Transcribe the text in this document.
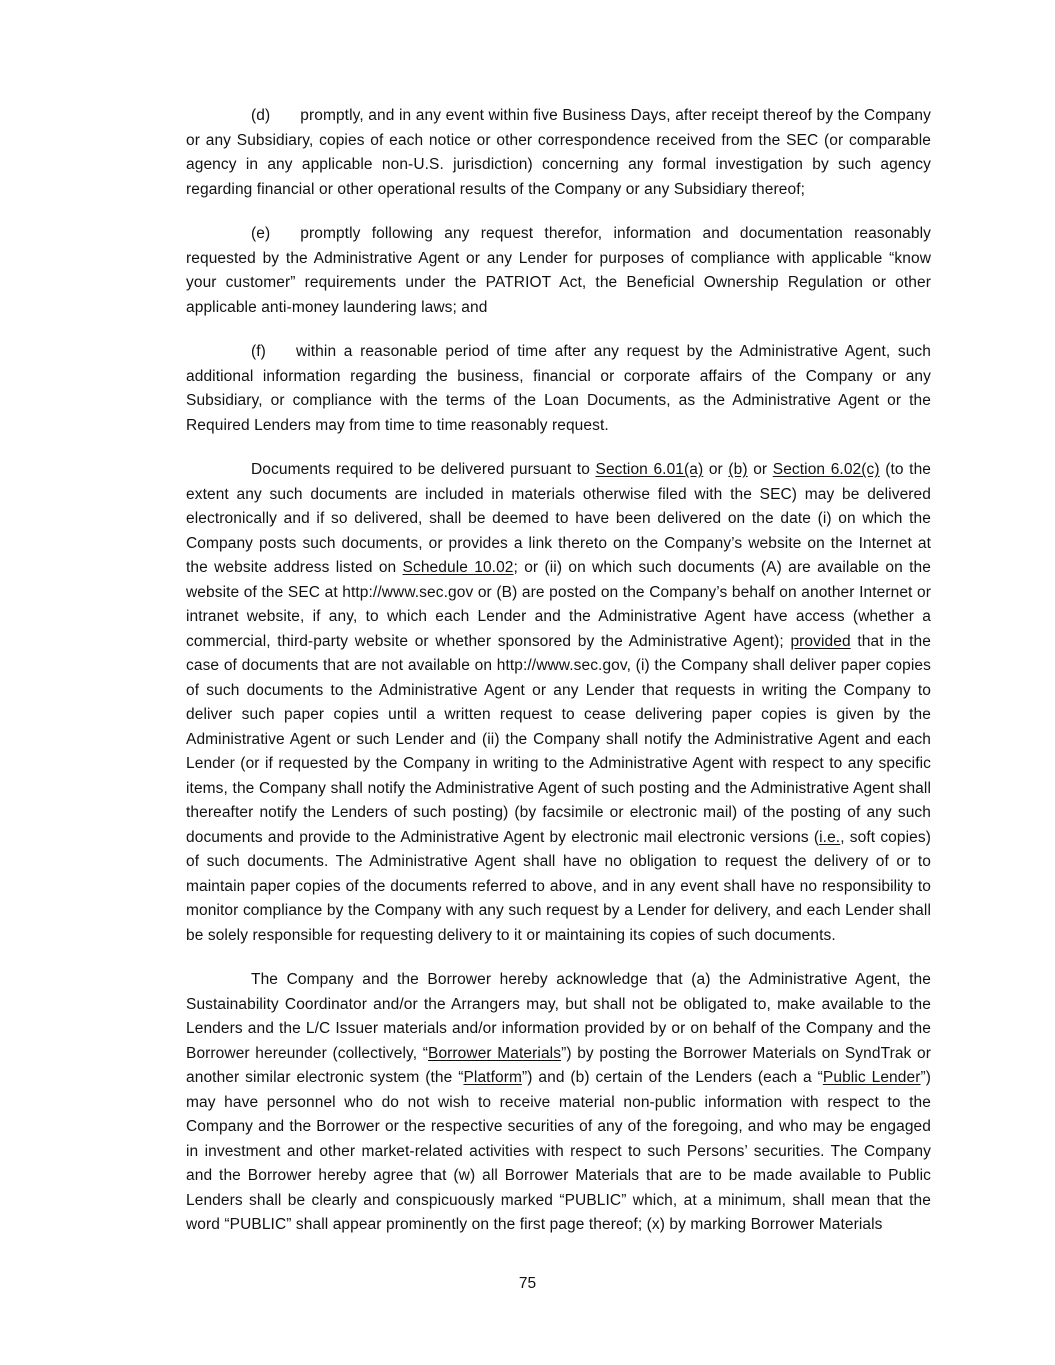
(d) promptly, and in any event within five Business Days, after receipt thereof by the Company or any Subsidiary, copies of each notice or other correspondence received from the SEC (or comparable agency in any applicable non-U.S. jurisdiction) concerning any formal investigation by such agency regarding financial or other operational results of the Company or any Subsidiary thereof;

(e) promptly following any request therefor, information and documentation reasonably requested by the Administrative Agent or any Lender for purposes of compliance with applicable “know your customer” requirements under the PATRIOT Act, the Beneficial Ownership Regulation or other applicable anti-money laundering laws; and

(f) within a reasonable period of time after any request by the Administrative Agent, such additional information regarding the business, financial or corporate affairs of the Company or any Subsidiary, or compliance with the terms of the Loan Documents, as the Administrative Agent or the Required Lenders may from time to time reasonably request.

Documents required to be delivered pursuant to Section 6.01(a) or (b) or Section 6.02(c) (to the extent any such documents are included in materials otherwise filed with the SEC) may be delivered electronically and if so delivered, shall be deemed to have been delivered on the date (i) on which the Company posts such documents, or provides a link thereto on the Company’s website on the Internet at the website address listed on Schedule 10.02; or (ii) on which such documents (A) are available on the website of the SEC at http://www.sec.gov or (B) are posted on the Company’s behalf on another Internet or intranet website, if any, to which each Lender and the Administrative Agent have access (whether a commercial, third-party website or whether sponsored by the Administrative Agent); provided that in the case of documents that are not available on http://www.sec.gov, (i) the Company shall deliver paper copies of such documents to the Administrative Agent or any Lender that requests in writing the Company to deliver such paper copies until a written request to cease delivering paper copies is given by the Administrative Agent or such Lender and (ii) the Company shall notify the Administrative Agent and each Lender (or if requested by the Company in writing to the Administrative Agent with respect to any specific items, the Company shall notify the Administrative Agent of such posting and the Administrative Agent shall thereafter notify the Lenders of such posting) (by facsimile or electronic mail) of the posting of any such documents and provide to the Administrative Agent by electronic mail electronic versions (i.e., soft copies) of such documents. The Administrative Agent shall have no obligation to request the delivery of or to maintain paper copies of the documents referred to above, and in any event shall have no responsibility to monitor compliance by the Company with any such request by a Lender for delivery, and each Lender shall be solely responsible for requesting delivery to it or maintaining its copies of such documents.

The Company and the Borrower hereby acknowledge that (a) the Administrative Agent, the Sustainability Coordinator and/or the Arrangers may, but shall not be obligated to, make available to the Lenders and the L/C Issuer materials and/or information provided by or on behalf of the Company and the Borrower hereunder (collectively, “Borrower Materials”) by posting the Borrower Materials on SyndTrak or another similar electronic system (the “Platform”) and (b) certain of the Lenders (each a “Public Lender”) may have personnel who do not wish to receive material non-public information with respect to the Company and the Borrower or the respective securities of any of the foregoing, and who may be engaged in investment and other market-related activities with respect to such Persons’ securities. The Company and the Borrower hereby agree that (w) all Borrower Materials that are to be made available to Public Lenders shall be clearly and conspicuously marked “PUBLIC” which, at a minimum, shall mean that the word “PUBLIC” shall appear prominently on the first page thereof; (x) by marking Borrower Materials

75
